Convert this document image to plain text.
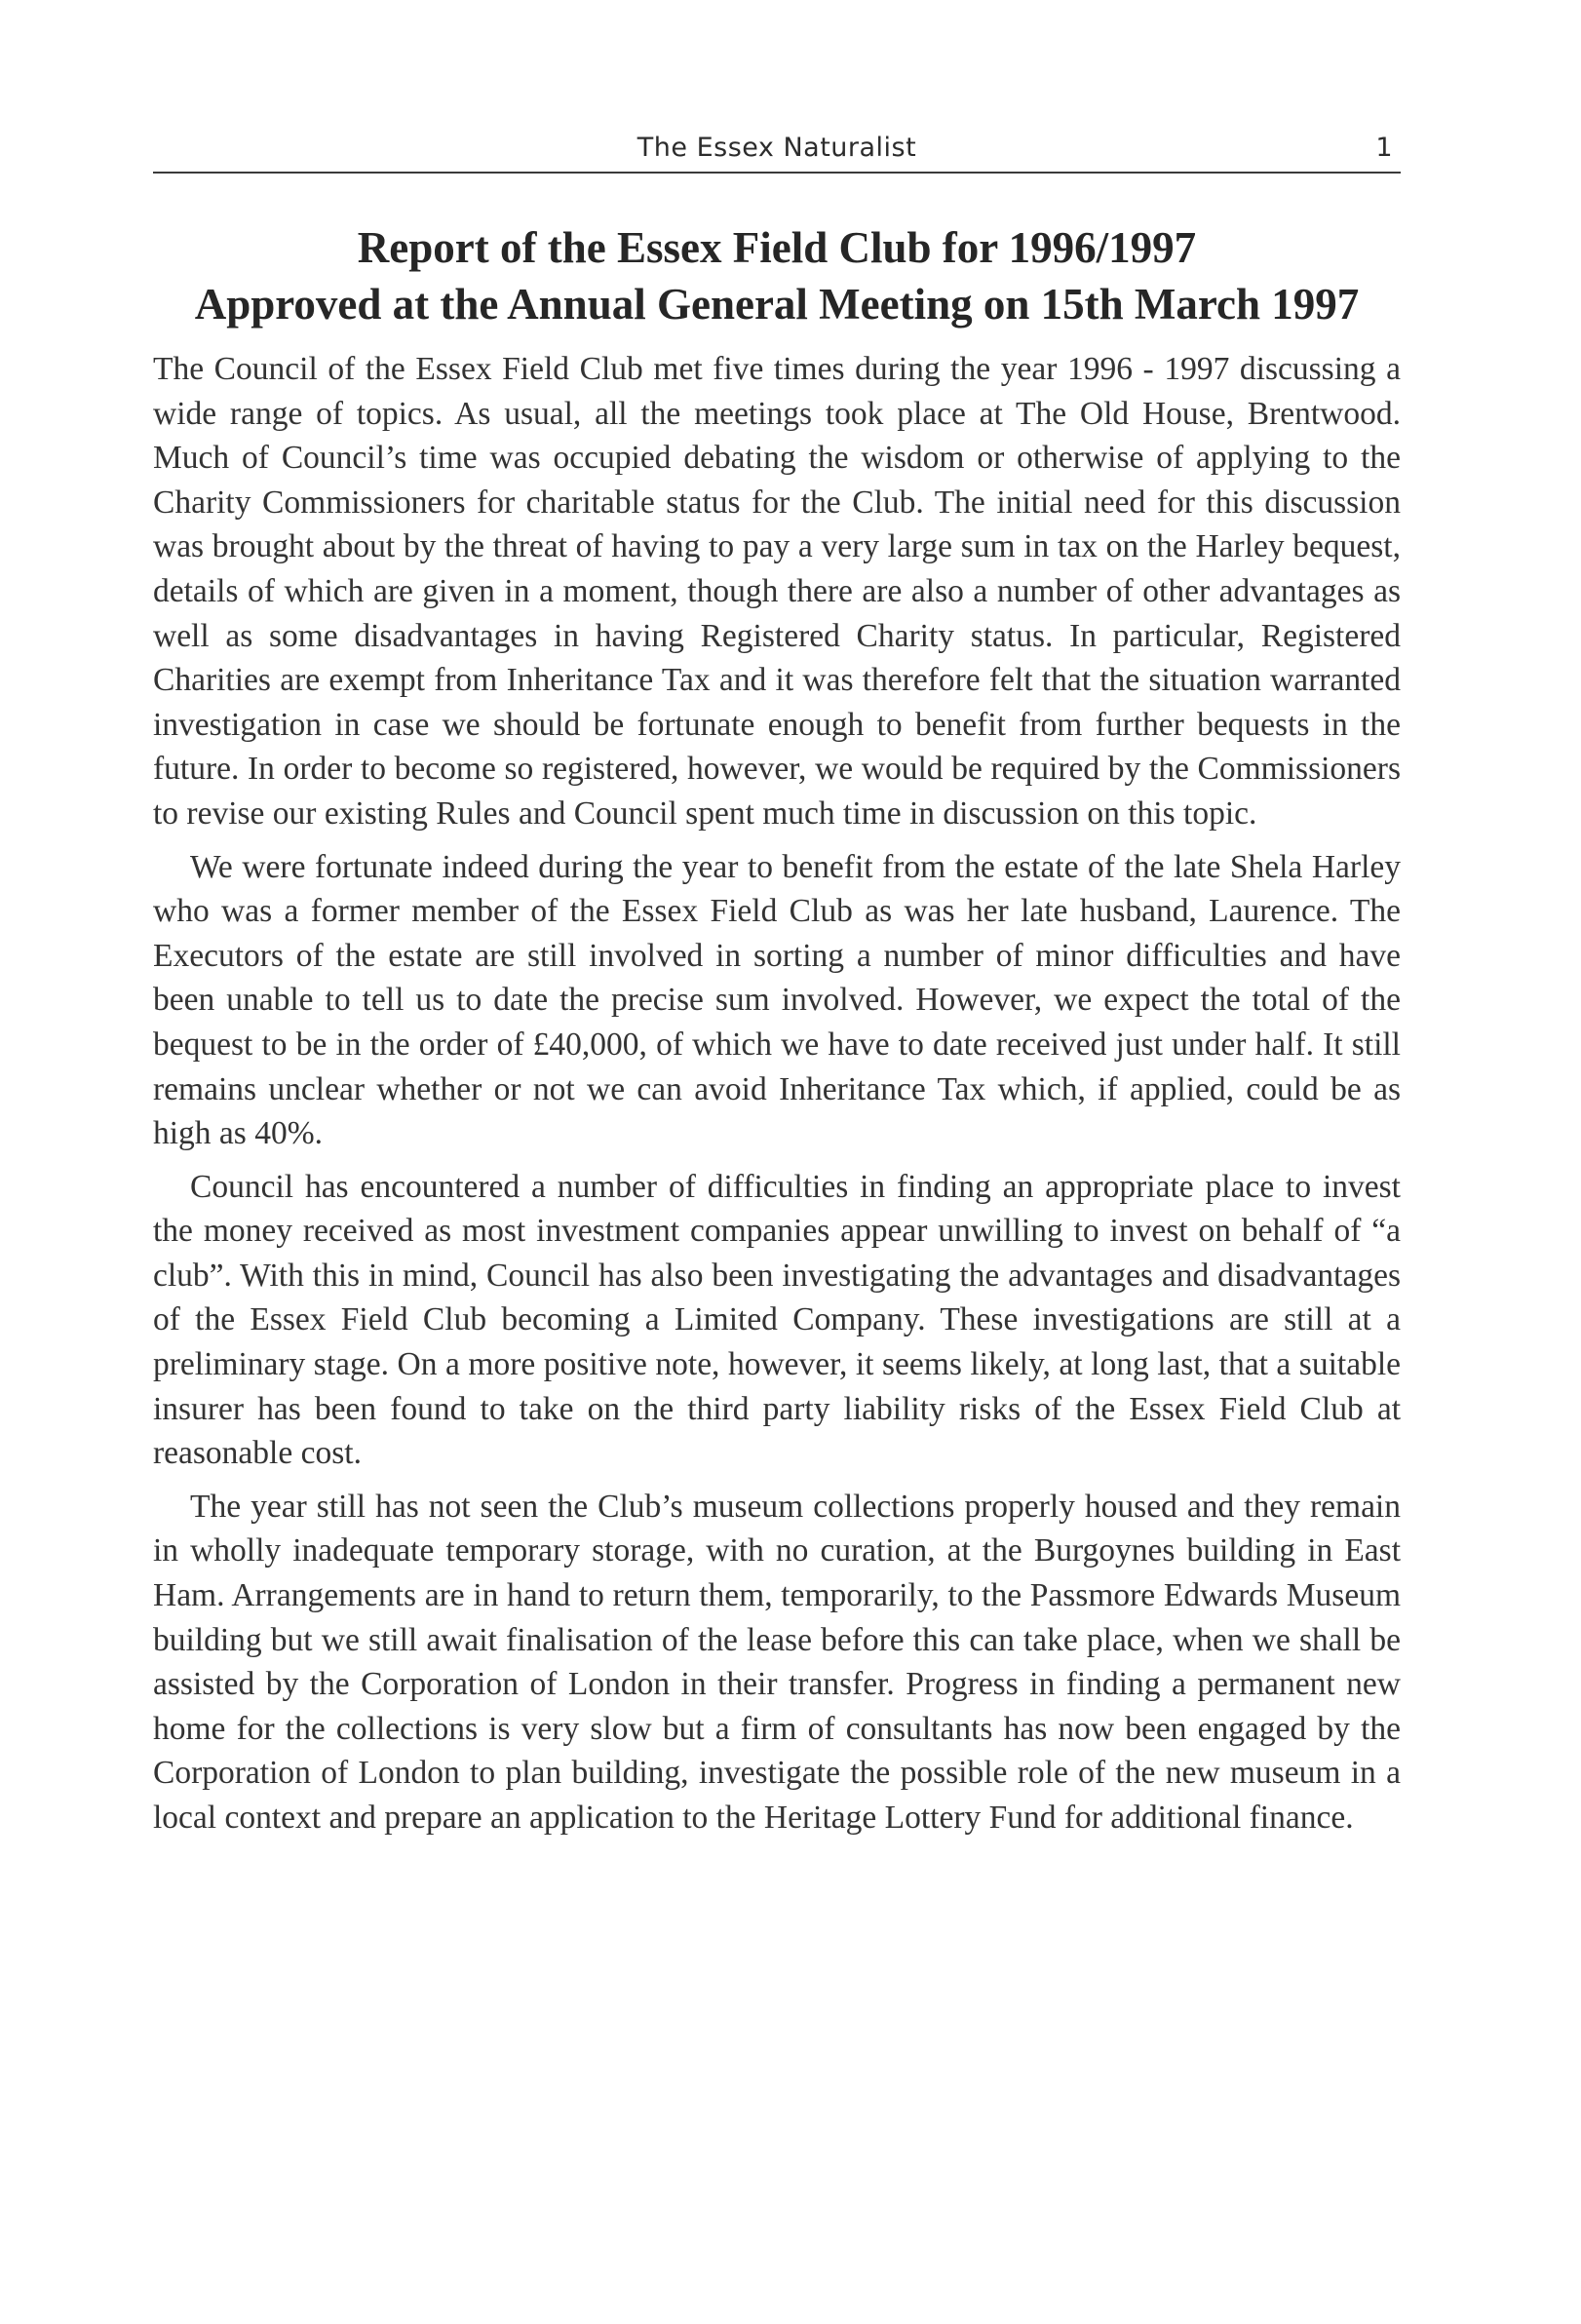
The Essex Naturalist	1
Report of the Essex Field Club for 1996/1997
Approved at the Annual General Meeting on 15th March 1997

The Council of the Essex Field Club met five times during the year 1996 - 1997 discussing a wide range of topics. As usual, all the meetings took place at The Old House, Brentwood. Much of Council’s time was occupied debating the wisdom or otherwise of applying to the Charity Commissioners for charitable status for the Club. The initial need for this discussion was brought about by the threat of having to pay a very large sum in tax on the Harley bequest, details of which are given in a moment, though there are also a number of other advantages as well as some disadvantages in having Registered Charity status. In particular, Registered Charities are exempt from Inheritance Tax and it was therefore felt that the situation warranted investigation in case we should be fortunate enough to benefit from further bequests in the future. In order to become so registered, however, we would be required by the Commissioners to revise our existing Rules and Council spent much time in discussion on this topic.

We were fortunate indeed during the year to benefit from the estate of the late Shela Harley who was a former member of the Essex Field Club as was her late husband, Laurence. The Executors of the estate are still involved in sorting a number of minor difficulties and have been unable to tell us to date the precise sum involved. However, we expect the total of the bequest to be in the order of £40,000, of which we have to date received just under half. It still remains unclear whether or not we can avoid Inheritance Tax which, if applied, could be as high as 40%.

Council has encountered a number of difficulties in finding an appropriate place to invest the money received as most investment companies appear unwilling to invest on behalf of “a club”. With this in mind, Council has also been investigating the advantages and disadvantages of the Essex Field Club becoming a Limited Company. These investigations are still at a preliminary stage. On a more positive note, however, it seems likely, at long last, that a suitable insurer has been found to take on the third party liability risks of the Essex Field Club at reasonable cost.

The year still has not seen the Club’s museum collections properly housed and they remain in wholly inadequate temporary storage, with no curation, at the Burgoynes building in East Ham. Arrangements are in hand to return them, temporarily, to the Passmore Edwards Museum building but we still await finalisation of the lease before this can take place, when we shall be assisted by the Corporation of London in their transfer. Progress in finding a permanent new home for the collections is very slow but a firm of consultants has now been engaged by the Corporation of London to plan building, investigate the possible role of the new museum in a local context and prepare an application to the Heritage Lottery Fund for additional finance.
